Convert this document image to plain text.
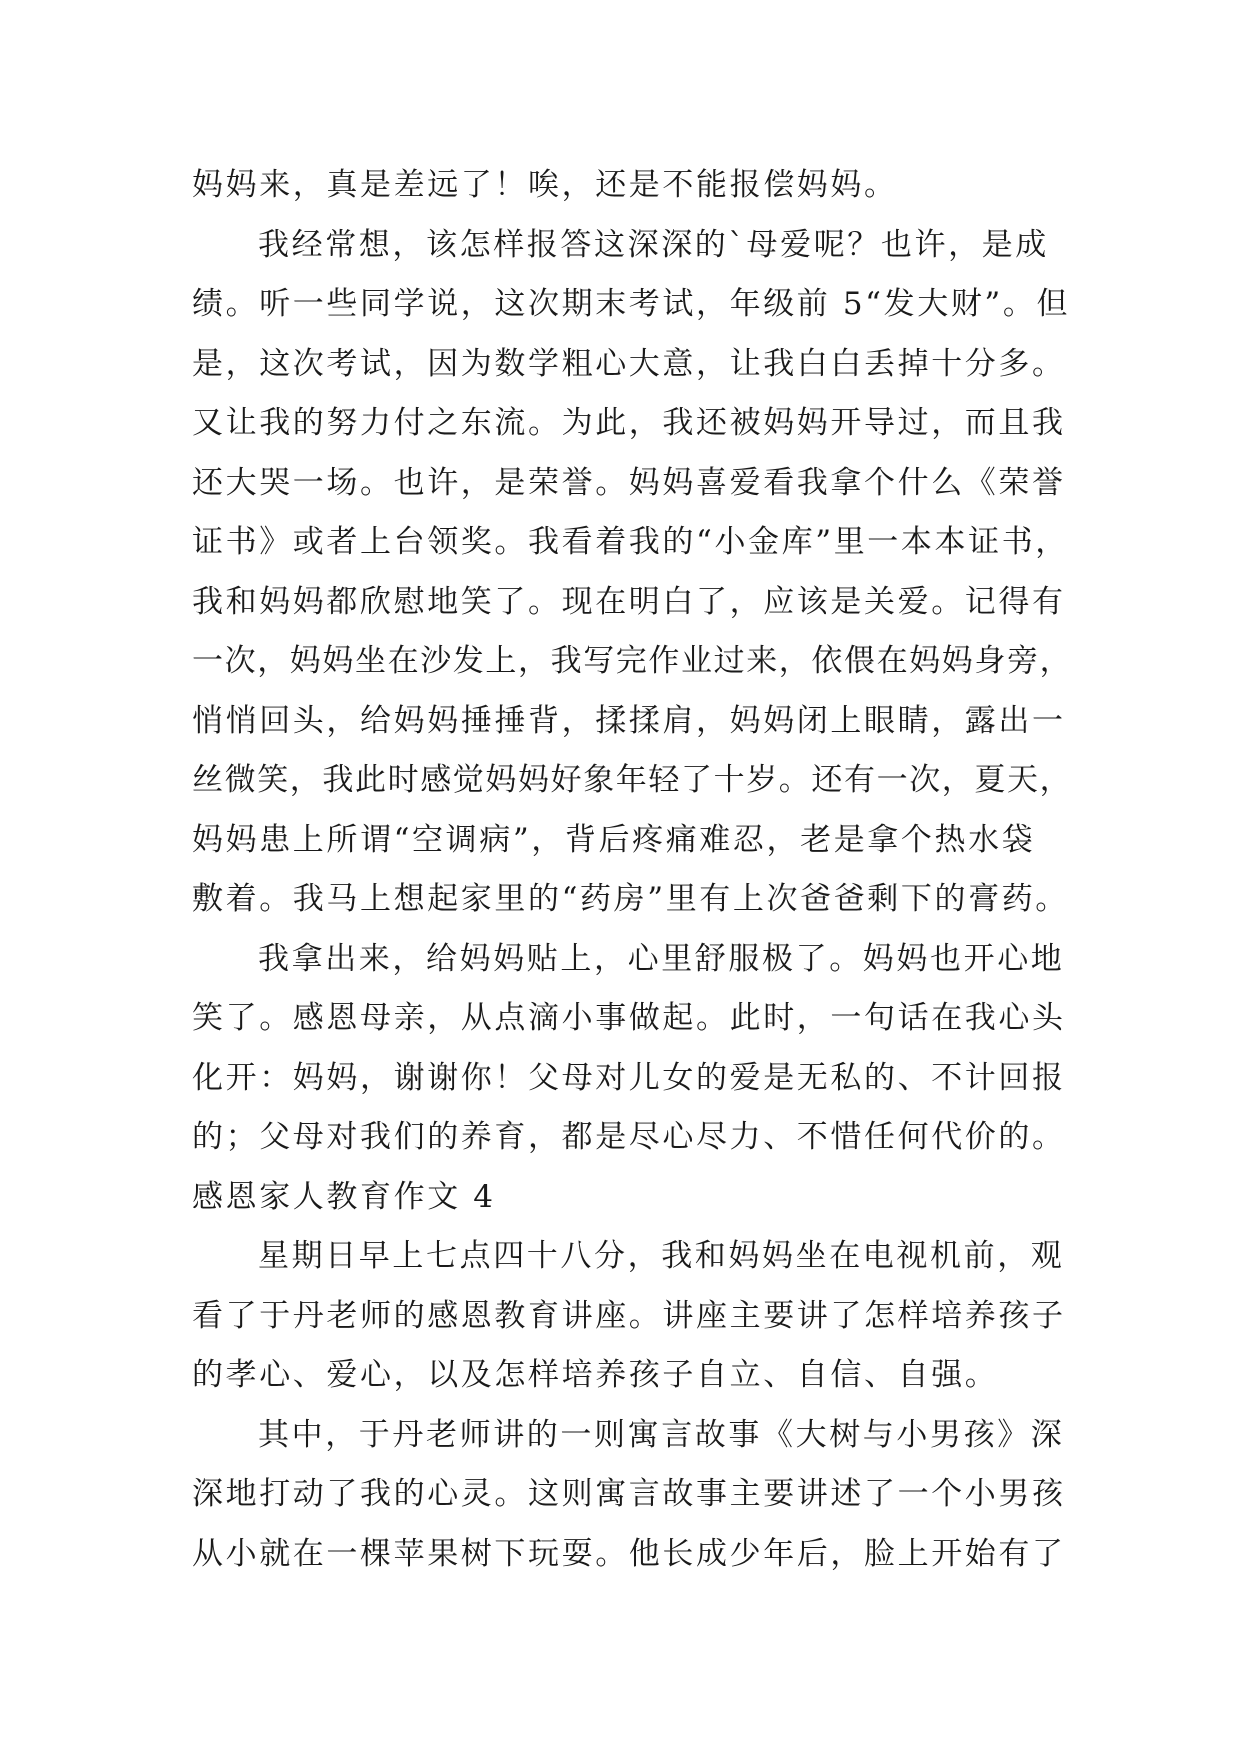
妈妈来，真是差远了！唉，还是不能报偿妈妈。
我经常想，该怎样报答这深深的`母爱呢？也许，是成
绩。听一些同学说，这次期末考试，年级前 5“发大财”。但
是，这次考试，因为数学粗心大意，让我白白丢掉十分多。
又让我的努力付之东流。为此，我还被妈妈开导过，而且我
还大哭一场。也许，是荣誉。妈妈喜爱看我拿个什么《荣誉
证书》或者上台领奖。我看着我的“小金库”里一本本证书，
我和妈妈都欣慰地笑了。现在明白了，应该是关爱。记得有
一次，妈妈坐在沙发上，我写完作业过来，依偎在妈妈身旁，
悄悄回头，给妈妈捶捶背，揉揉肩，妈妈闭上眼睛，露出一
丝微笑，我此时感觉妈妈好象年轻了十岁。还有一次，夏天，
妈妈患上所谓“空调病”，背后疼痛难忍，老是拿个热水袋
敷着。我马上想起家里的“药房”里有上次爸爸剩下的膏药。
我拿出来，给妈妈贴上，心里舒服极了。妈妈也开心地
笑了。感恩母亲，从点滴小事做起。此时，一句话在我心头
化开：妈妈，谢谢你！父母对儿女的爱是无私的、不计回报
的；父母对我们的养育，都是尽心尽力、不惜任何代价的。
感恩家人教育作文 4
星期日早上七点四十八分，我和妈妈坐在电视机前，观
看了于丹老师的感恩教育讲座。讲座主要讲了怎样培养孩子
的孝心、爱心，以及怎样培养孩子自立、自信、自强。
其中，于丹老师讲的一则寓言故事《大树与小男孩》深
深地打动了我的心灵。这则寓言故事主要讲述了一个小男孩
从小就在一棵苹果树下玩耍。他长成少年后，脸上开始有了
